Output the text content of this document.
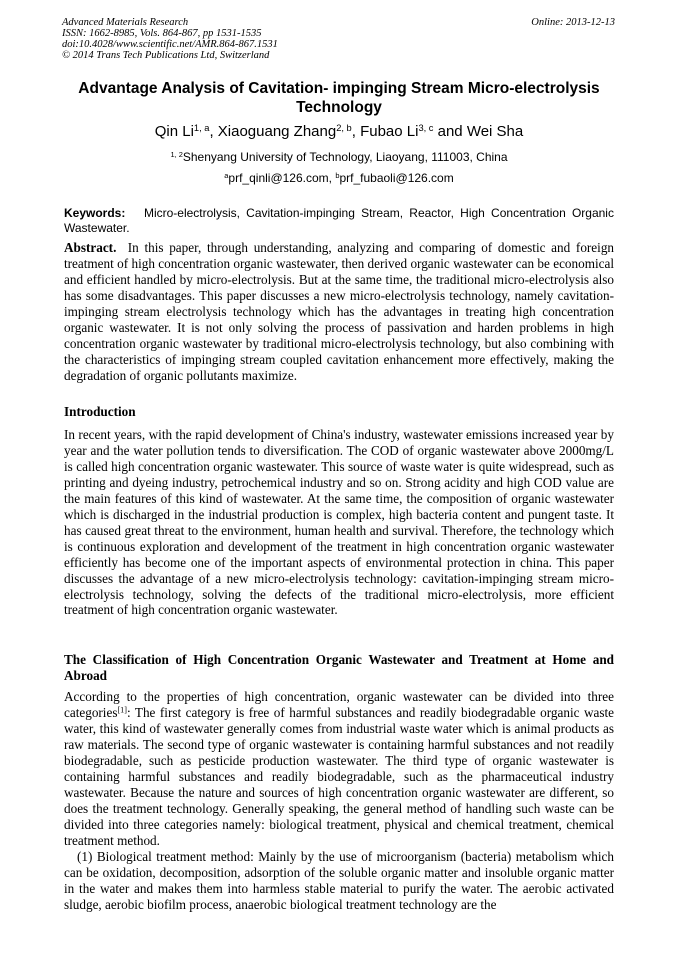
Advanced Materials Research
ISSN: 1662-8985, Vols. 864-867, pp 1531-1535
doi:10.4028/www.scientific.net/AMR.864-867.1531
© 2014 Trans Tech Publications Ltd, Switzerland
Online: 2013-12-13
Advantage Analysis of Cavitation- impinging Stream Micro-electrolysis Technology
Qin Li$^{1, a}$, Xiaoguang Zhang$^{2, b}$, Fubao Li$^{3, c}$ and Wei Sha
$^{1, 2}$Shenyang University of Technology, Liaoyang, 111003, China
$^a$prf_qinli@126.com, $^b$prf_fubaoli@126.com

Keywords: Micro-electrolysis, Cavitation-impinging Stream, Reactor, High Concentration Organic Wastewater.

Abstract. In this paper, through understanding, analyzing and comparing of domestic and foreign treatment of high concentration organic wastewater, then derived organic wastewater can be economical and efficient handled by micro-electrolysis. But at the same time, the traditional micro-electrolysis also has some disadvantages. This paper discusses a new micro-electrolysis technology, namely cavitation-impinging stream electrolysis technology which has the advantages in treating high concentration organic wastewater. It is not only solving the process of passivation and harden problems in high concentration organic wastewater by traditional micro-electrolysis technology, but also combining with the characteristics of impinging stream coupled cavitation enhancement more effectively, making the degradation of organic pollutants maximize.

Introduction

In recent years, with the rapid development of China's industry, wastewater emissions increased year by year and the water pollution tends to diversification. The COD of organic wastewater above 2000mg/L is called high concentration organic wastewater. This source of waste water is quite widespread, such as printing and dyeing industry, petrochemical industry and so on. Strong acidity and high COD value are the main features of this kind of wastewater. At the same time, the composition of organic wastewater which is discharged in the industrial production is complex, high bacteria content and pungent taste. It has caused great threat to the environment, human health and survival. Therefore, the technology which is continuous exploration and development of the treatment in high concentration organic wastewater efficiently has become one of the important aspects of environmental protection in china. This paper discusses the advantage of a new micro-electrolysis technology: cavitation-impinging stream micro-electrolysis technology, solving the defects of the traditional micro-electrolysis, more efficient treatment of high concentration organic wastewater.

The Classification of High Concentration Organic Wastewater and Treatment at Home and Abroad

According to the properties of high concentration, organic wastewater can be divided into three categories[1]: The first category is free of harmful substances and readily biodegradable organic waste water, this kind of wastewater generally comes from industrial waste water which is animal products as raw materials. The second type of organic wastewater is containing harmful substances and not readily biodegradable, such as pesticide production wastewater. The third type of organic wastewater is containing harmful substances and readily biodegradable, such as the pharmaceutical industry wastewater. Because the nature and sources of high concentration organic wastewater are different, so does the treatment technology. Generally speaking, the general method of handling such waste can be divided into three categories namely: biological treatment, physical and chemical treatment, chemical treatment method.

(1) Biological treatment method: Mainly by the use of microorganism (bacteria) metabolism which can be oxidation, decomposition, adsorption of the soluble organic matter and insoluble organic matter in the water and makes them into harmless stable material to purify the water. The aerobic activated sludge, aerobic biofilm process, anaerobic biological treatment technology are the
